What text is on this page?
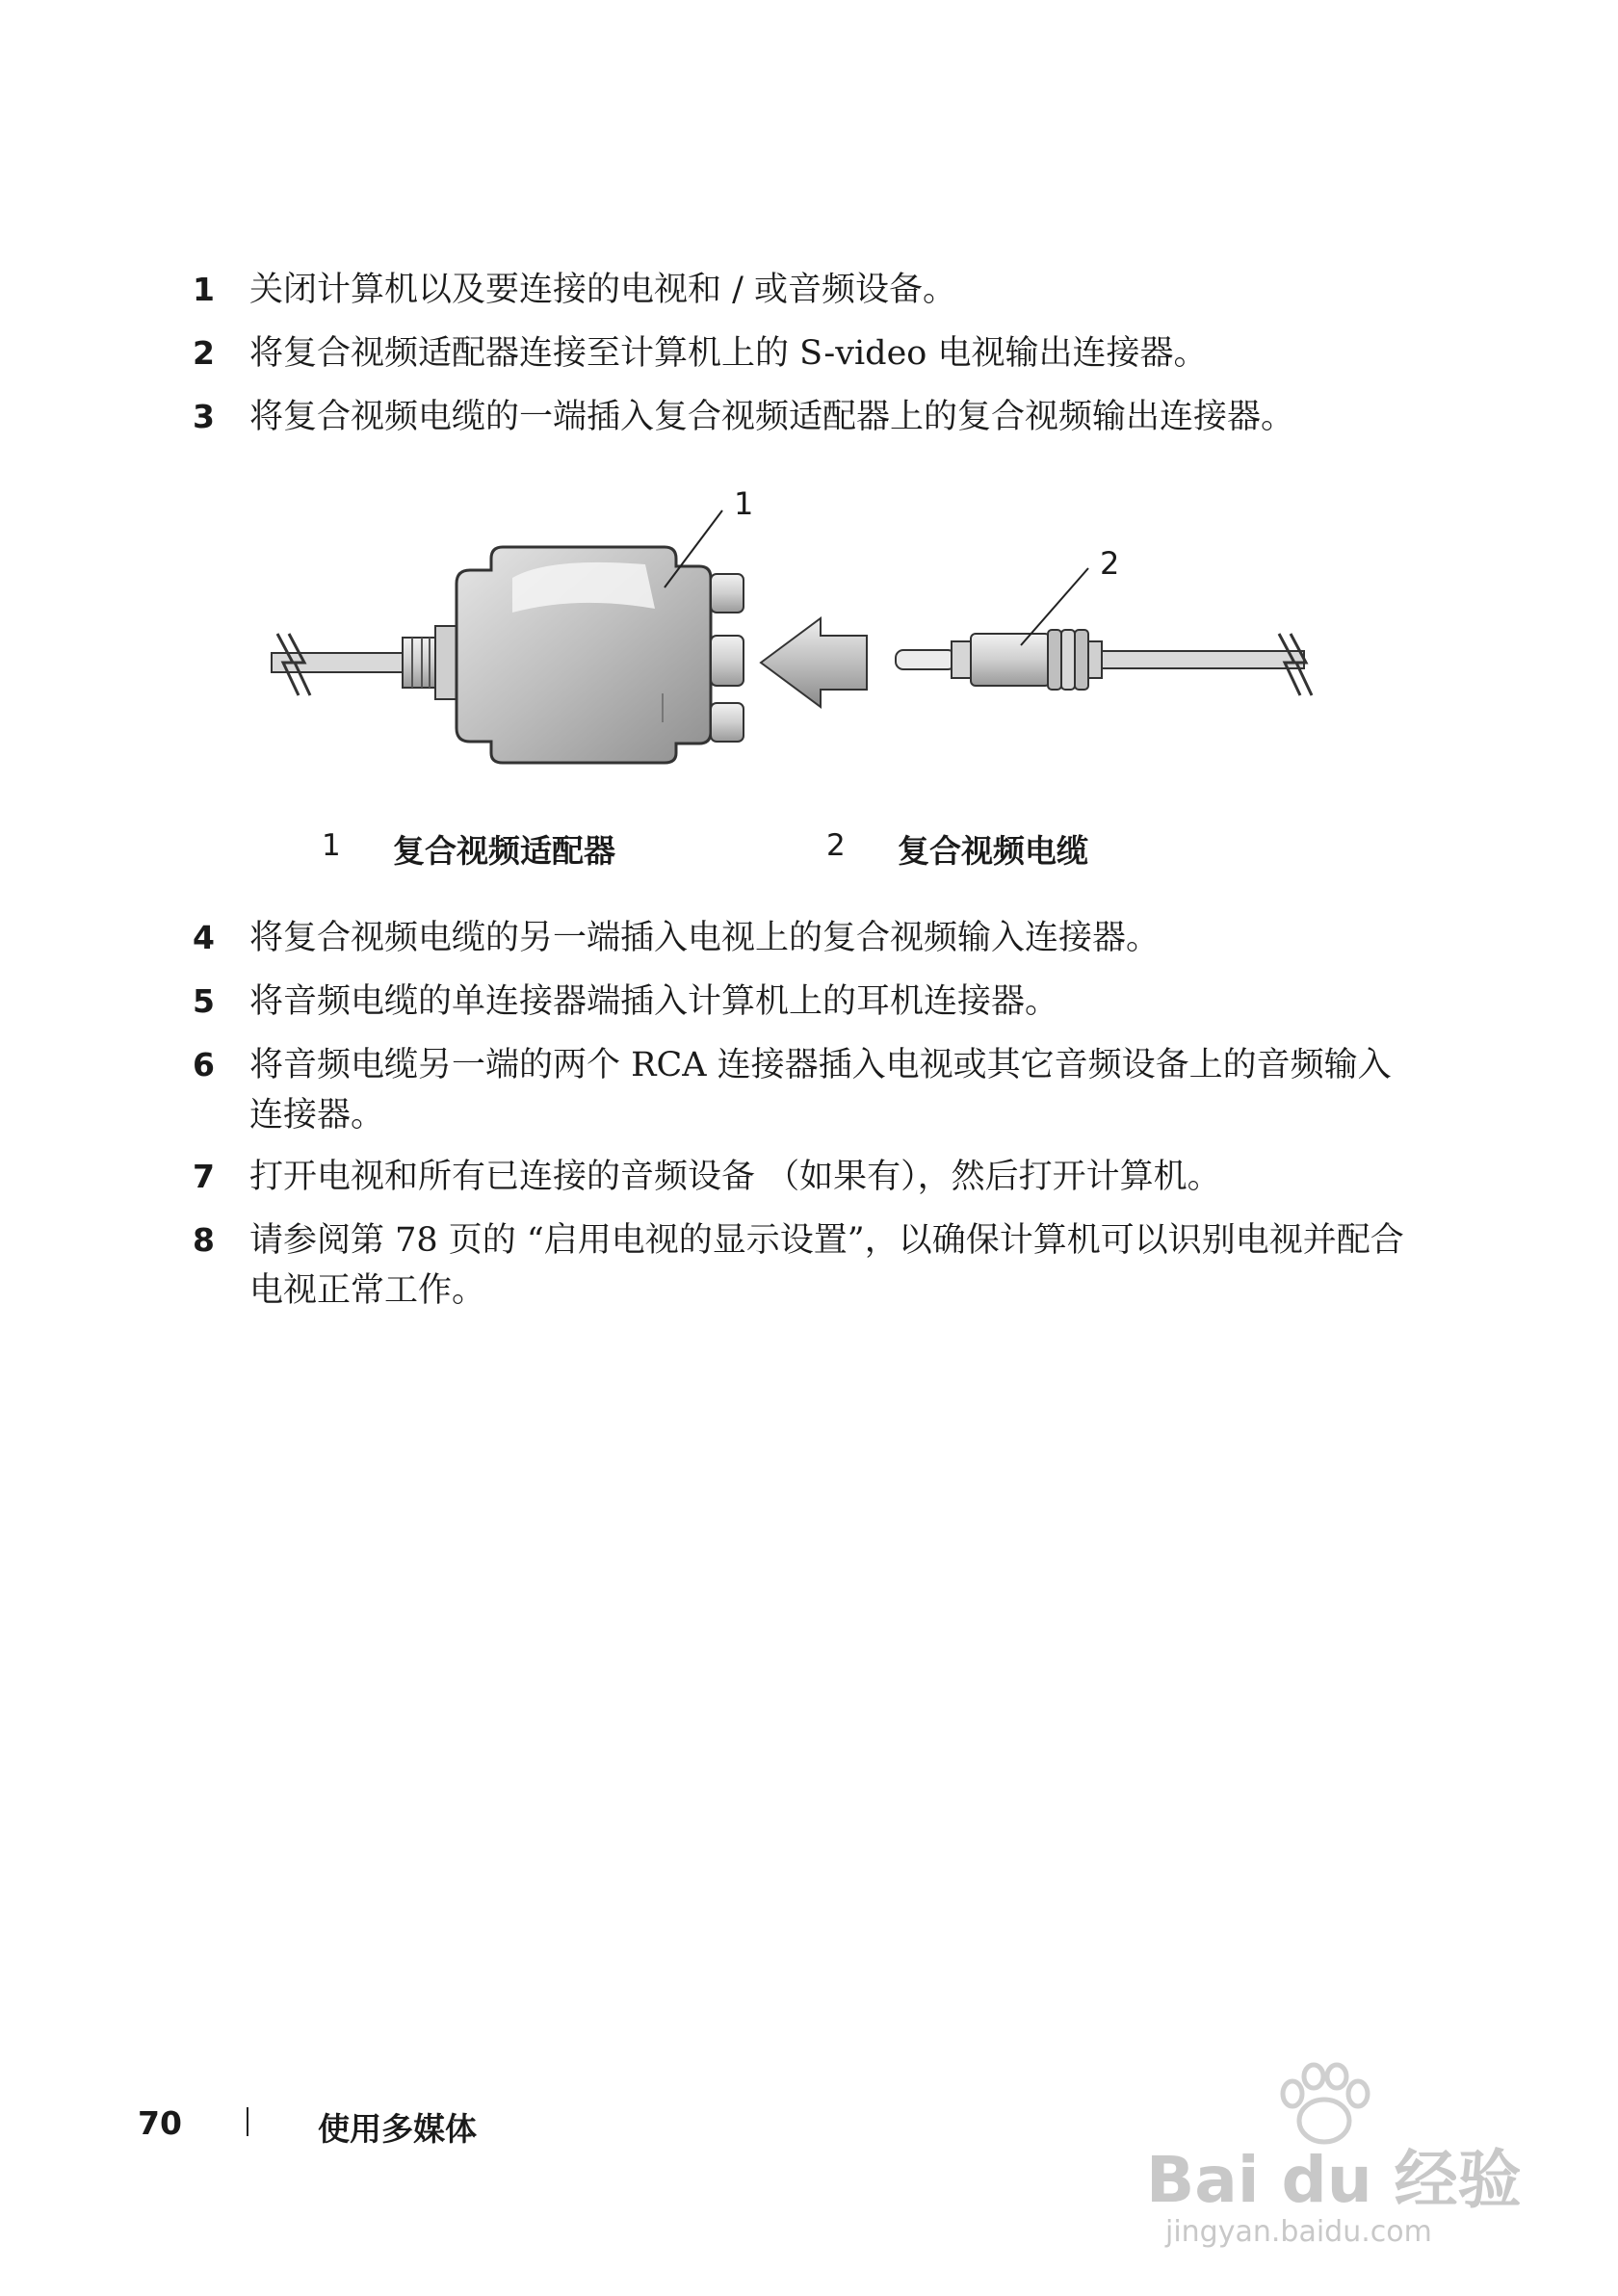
1	关闭计算机以及要连接的电视和 / 或音频设备。
2	将复合视频适配器连接至计算机上的 S-video 电视输出连接器。
3	将复合视频电缆的一端插入复合视频适配器上的复合视频输出连接器。
1
2
1 复合视频适配器	2 复合视频电缆
4	将复合视频电缆的另一端插入电视上的复合视频输入连接器。
5	将音频电缆的单连接器端插入计算机上的耳机连接器。
6	将音频电缆另一端的两个 RCA 连接器插入电视或其它音频设备上的音频输入连接器。
7	打开电视和所有已连接的音频设备 （如果有），然后打开计算机。
8	请参阅第 78 页的 “启用电视的显示设置”，以确保计算机可以识别电视并配合电视正常工作。
70	使用多媒体
Bai du 经验
jingyan.baidu.com
